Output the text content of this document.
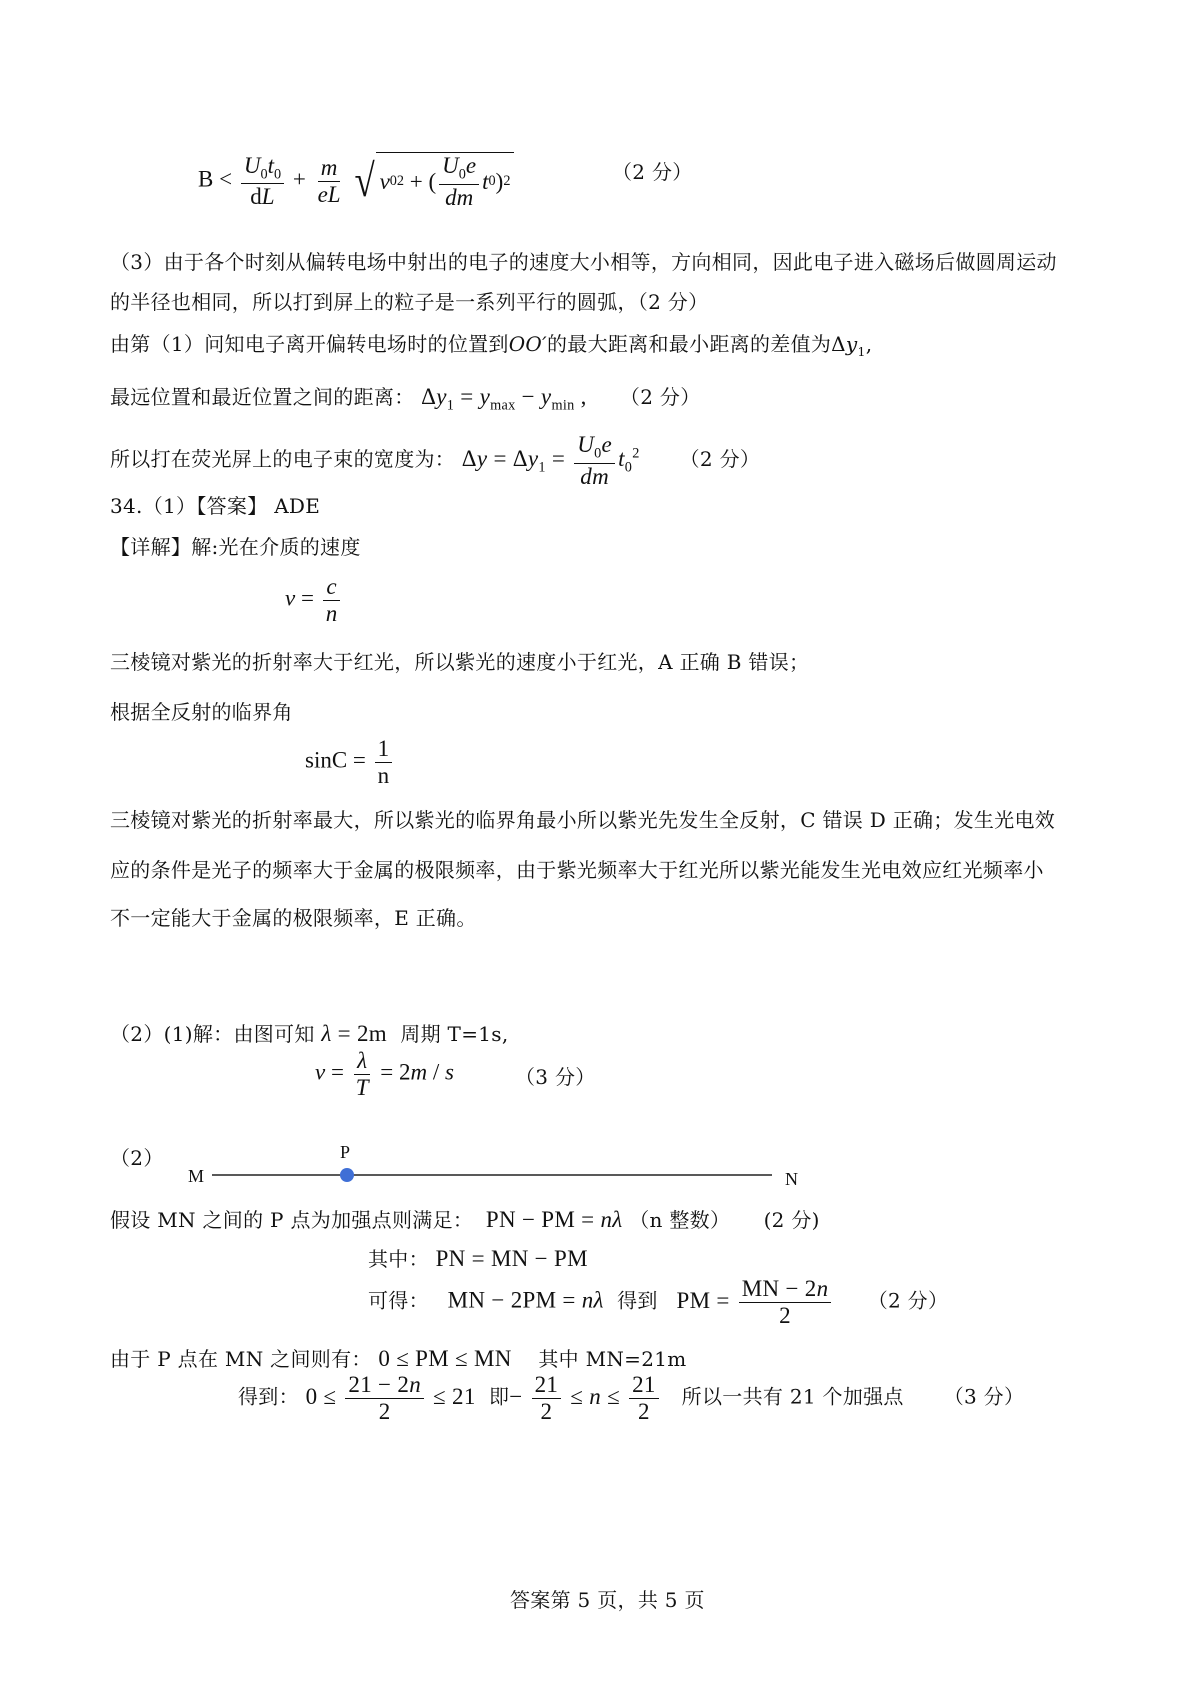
$B < \frac{U_0t_0}{dL} + \frac{m}{eL}$
√ v 0 2 + ( $\frac{U_0e}{dm}$ t 0 ) 2	（2 分）
（3）由于各个时刻从偏转电场中射出的电子的速度大小相等，方向相同，因此电子进入磁场后做圆周运动
的半径也相同，所以打到屏上的粒子是一系列平行的圆弧，（2 分）
由第（1）问知电子离开偏转电场时的位置到OO′的最大距离和最小距离的差值为$\Delta y_1$,
最远位置和最近位置之间的距离： $\Delta y_1 = y_{max} - y_{min}$ , （2 分）
所以打在荧光屏上的电子束的宽度为： $\Delta y = \Delta y_1 = \frac{U_0e}{dm} t_0^2$ （2 分）
34.（1）【答案】 ADE
【详解】解:光在介质的速度
$v = \frac{c}{n}$
三棱镜对紫光的折射率大于红光，所以紫光的速度小于红光，A 正确 B 错误；
根据全反射的临界角
$\sin C = \frac{1}{n}$
三棱镜对紫光的折射率最大，所以紫光的临界角最小所以紫光先发生全反射，C 错误 D 正确；发生光电效
应的条件是光子的频率大于金属的极限频率，由于紫光频率大于红光所以紫光能发生光电效应红光频率小
不一定能大于金属的极限频率，E 正确。
（2）(1)解：由图可知 λ = 2m 周期 T=1s,
$v = \frac{\lambda}{T} = 2m / s$	（3 分）
（2）
M
P
N
假设 MN 之间的 P 点为加强点则满足：  PN − PM = nλ （n 整数） (2 分)
其中： PN = MN − PM
可得：   MN − 2PM = nλ 得到   PM = $\frac{MN - 2n}{2} (2$ 分）
由于 P 点在 MN 之间则有： 0 ≤ PM ≤ MN 其中 MN=21m
得到： $0 \le \frac{21 - 2n}{2} \le 21$ 即− $\frac{21}{2} \le n \le \frac{21}{2}$ 所以一共有 21 个加强点 （3 分）
答案第 5 页，共 5 页
